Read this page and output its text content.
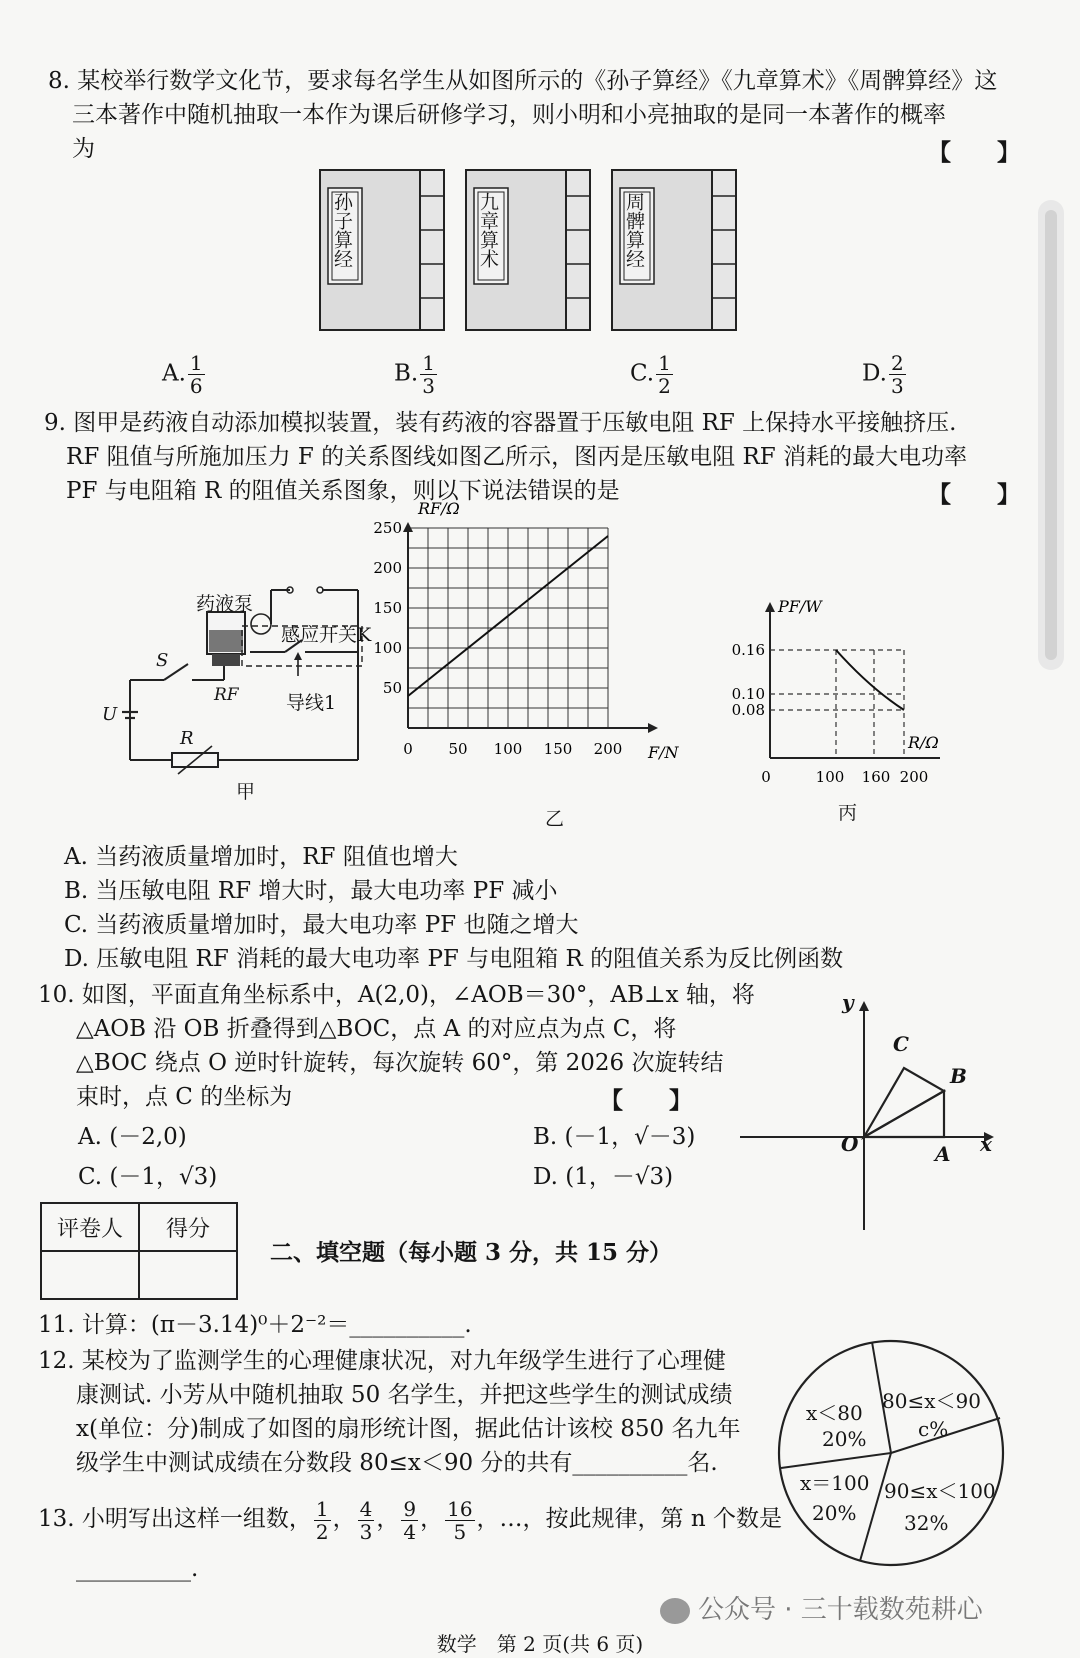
8. 某校举行数学文化节，要求每名学生从如图所示的《孙子算经》《九章算术》《周髀算经》这
三本著作中随机抽取一本作为课后研修学习，则小明和小亮抽取的是同一本著作的概率
为	【　　】
孙子算经	九章算术	周髀算经
A. $\frac{1}{6}$	B. $\frac{1}{3}$	C. $\frac{1}{2}$	D. $\frac{2}{3}$
9. 图甲是药液自动添加模拟装置，装有药液的容器置于压敏电阻 RF 上保持水平接触挤压.
RF 阻值与所施加压力 F 的关系图线如图乙所示，图丙是压敏电阻 RF 消耗的最大电功率
PF 与电阻箱 R 的阻值关系图象，则以下说法错误的是	【　　】
药液泵
感应开关K
导线1
S
U
R
RF
甲
0 50 100 150 200
50
100
150
200
250
RF/Ω
F/N
乙
0.16
0.10
0.08
100 160 200
0
PF/W
R/Ω
丙
A. 当药液质量增加时，RF 阻值也增大
B. 当压敏电阻 RF 增大时，最大电功率 PF 减小
C. 当药液质量增加时，最大电功率 PF 也随之增大
D. 压敏电阻 RF 消耗的最大电功率 PF 与电阻箱 R 的阻值关系为反比例函数
10. 如图，平面直角坐标系中，A(2,0)，∠AOB＝30°，AB⊥x 轴，将
△AOB 沿 OB 折叠得到△BOC，点 A 的对应点为点 C，将
△BOC 绕点 O 逆时针旋转，每次旋转 60°，第 2026 次旋转结
束时，点 C 的坐标为	【　　】
A. (－2,0)	B. (－1，√－3)
C. (－1，√3)	D. (1，－√3)
y
x
O	A
B
C
评卷人	得分

二、填空题（每小题 3 分，共 15 分）
11. 计算：(π－3.14)⁰＋2⁻²＝__________.
12. 某校为了监测学生的心理健康状况，对九年级学生进行了心理健
康测试. 小芳从中随机抽取 50 名学生，并把这些学生的测试成绩
x(单位：分)制成了如图的扇形统计图，据此估计该校 850 名九年
级学生中测试成绩在分数段 80≤x＜90 分的共有__________名.
x＜80
20%
80≤x＜90
c%
90≤x＜100
32%
x＝100
20%
13. 小明写出这样一组数， $\frac{1}{2}$ ， $\frac{4}{3}$ ， $\frac{9}{4}$ ， $\frac{16}{5}$ ，…，按此规律，第 n 个数是
__________.
公众号 · 三十载数苑耕心
数学　第 2 页(共 6 页)
